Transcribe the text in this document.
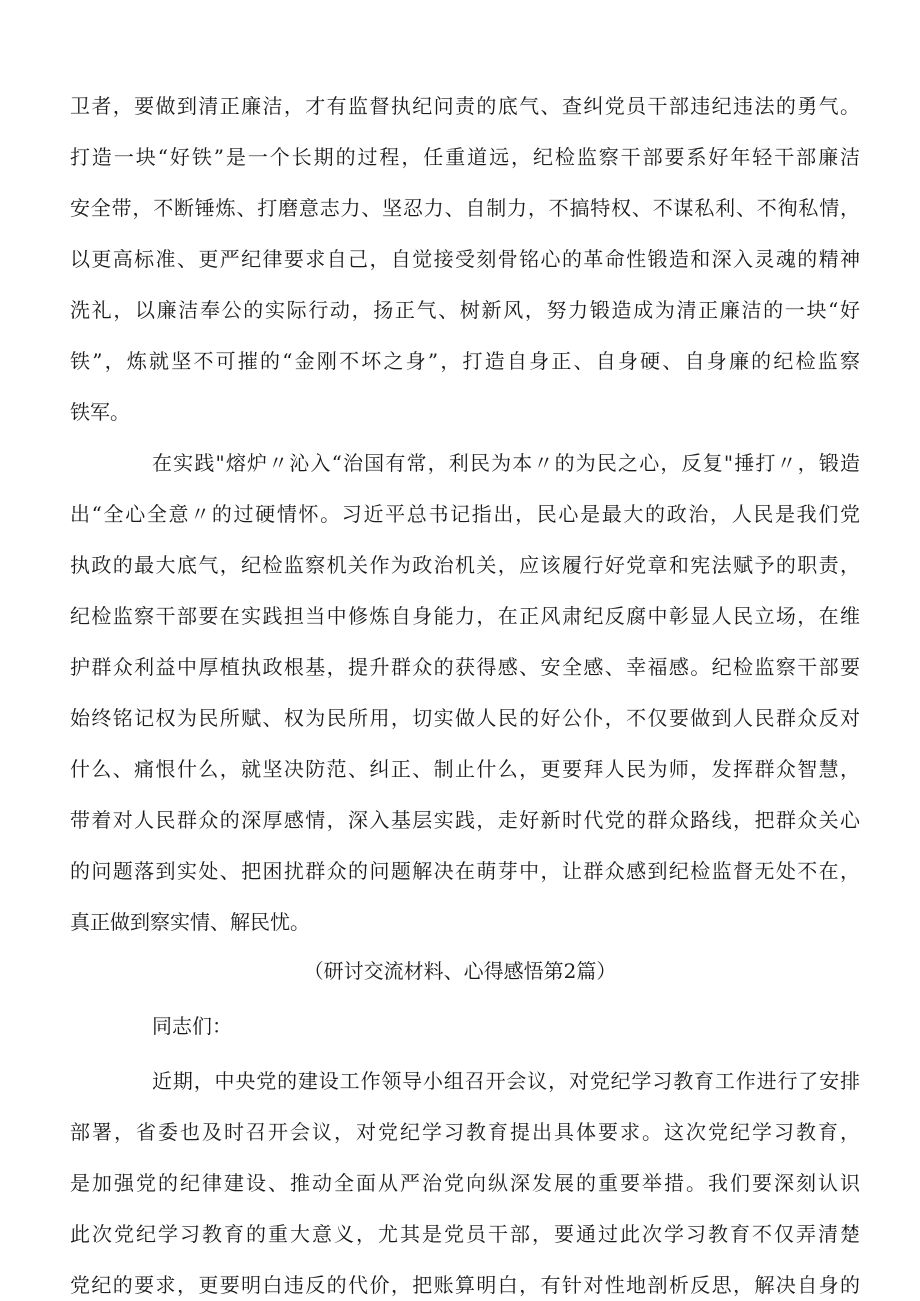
卫者，要做到清正廉洁，才有监督执纪问责的底气、查纠党员干部违纪违法的勇气。
打造一块“好铁”是一个长期的过程，任重道远，纪检监察干部要系好年轻干部廉洁
安全带，不断锤炼、打磨意志力、坚忍力、自制力，不搞特权、不谋私利、不徇私情，
以更高标准、更严纪律要求自己，自觉接受刻骨铭心的革命性锻造和深入灵魂的精神
洗礼，以廉洁奉公的实际行动，扬正气、树新风，努力锻造成为清正廉洁的一块“好
铁”，炼就坚不可摧的“金刚不坏之身”，打造自身正、自身硬、自身廉的纪检监察
铁军。
在实践"熔炉〃沁入“治国有常，利民为本〃的为民之心，反复"捶打〃，锻造
出“全心全意〃的过硬情怀。习近平总书记指出，民心是最大的政治，人民是我们党
执政的最大底气，纪检监察机关作为政治机关，应该履行好党章和宪法赋予的职责，
纪检监察干部要在实践担当中修炼自身能力，在正风肃纪反腐中彰显人民立场，在维
护群众利益中厚植执政根基，提升群众的获得感、安全感、幸福感。纪检监察干部要
始终铭记权为民所赋、权为民所用，切实做人民的好公仆，不仅要做到人民群众反对
什么、痛恨什么，就坚决防范、纠正、制止什么，更要拜人民为师，发挥群众智慧，
带着对人民群众的深厚感情，深入基层实践，走好新时代党的群众路线，把群众关心
的问题落到实处、把困扰群众的问题解决在萌芽中，让群众感到纪检监督无处不在，
真正做到察实情、解民忧。
（研讨交流材料、心得感悟第2篇）
同志们：
近期，中央党的建设工作领导小组召开会议，对党纪学习教育工作进行了安排
部署，省委也及时召开会议，对党纪学习教育提出具体要求。这次党纪学习教育，
是加强党的纪律建设、推动全面从严治党向纵深发展的重要举措。我们要深刻认识
此次党纪学习教育的重大意义，尤其是党员干部，要通过此次学习教育不仅弄清楚
党纪的要求，更要明白违反的代价，把账算明白，有针对性地剖析反思，解决自身的
